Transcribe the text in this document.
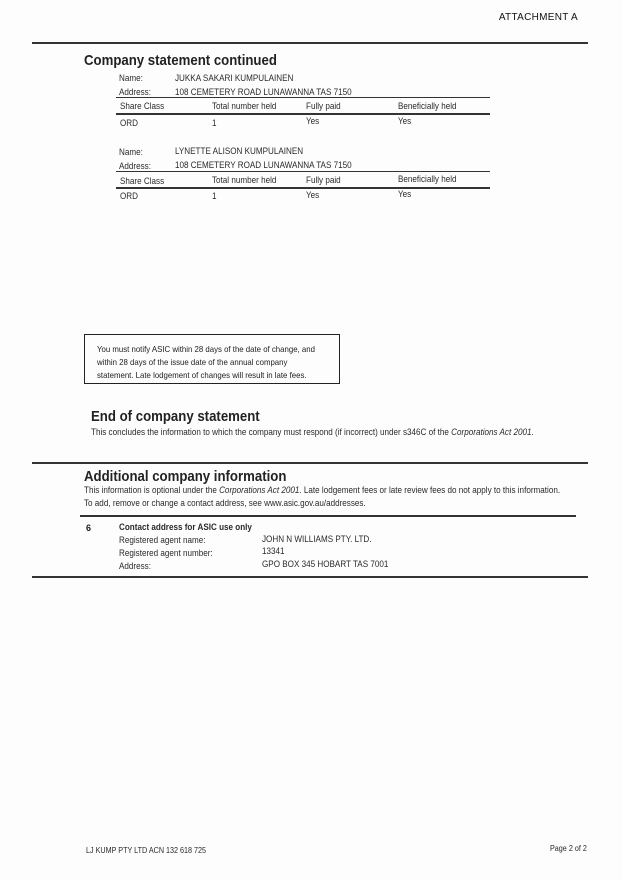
ATTACHMENT A
Company statement continued
Name:	JUKKA SAKARI KUMPULAINEN
Address:	108 CEMETERY ROAD LUNAWANNA TAS 7150
Share Class	Total number held	Fully paid	Beneficially held
ORD	1	Yes	Yes
Name:	LYNETTE ALISON KUMPULAINEN
Address:	108 CEMETERY ROAD LUNAWANNA TAS 7150
Share Class	Total number held	Fully paid	Beneficially held
ORD	1	Yes	Yes
You must notify ASIC within 28 days of the date of change, and
within 28 days of the issue date of the annual company
statement. Late lodgement of changes will result in late fees.
End of company statement
This concludes the information to which the company must respond (if incorrect) under s346C of the Corporations Act 2001.
Additional company information
This information is optional under the Corporations Act 2001. Late lodgement fees or late review fees do not apply to this information.
To add, remove or change a contact address, see www.asic.gov.au/addresses.
6	Contact address for ASIC use only
Registered agent name:	JOHN N WILLIAMS PTY. LTD.
Registered agent number:	13341
Address:	GPO BOX 345 HOBART TAS 7001
LJ KUMP PTY LTD ACN 132 618 725	Page 2 of 2
